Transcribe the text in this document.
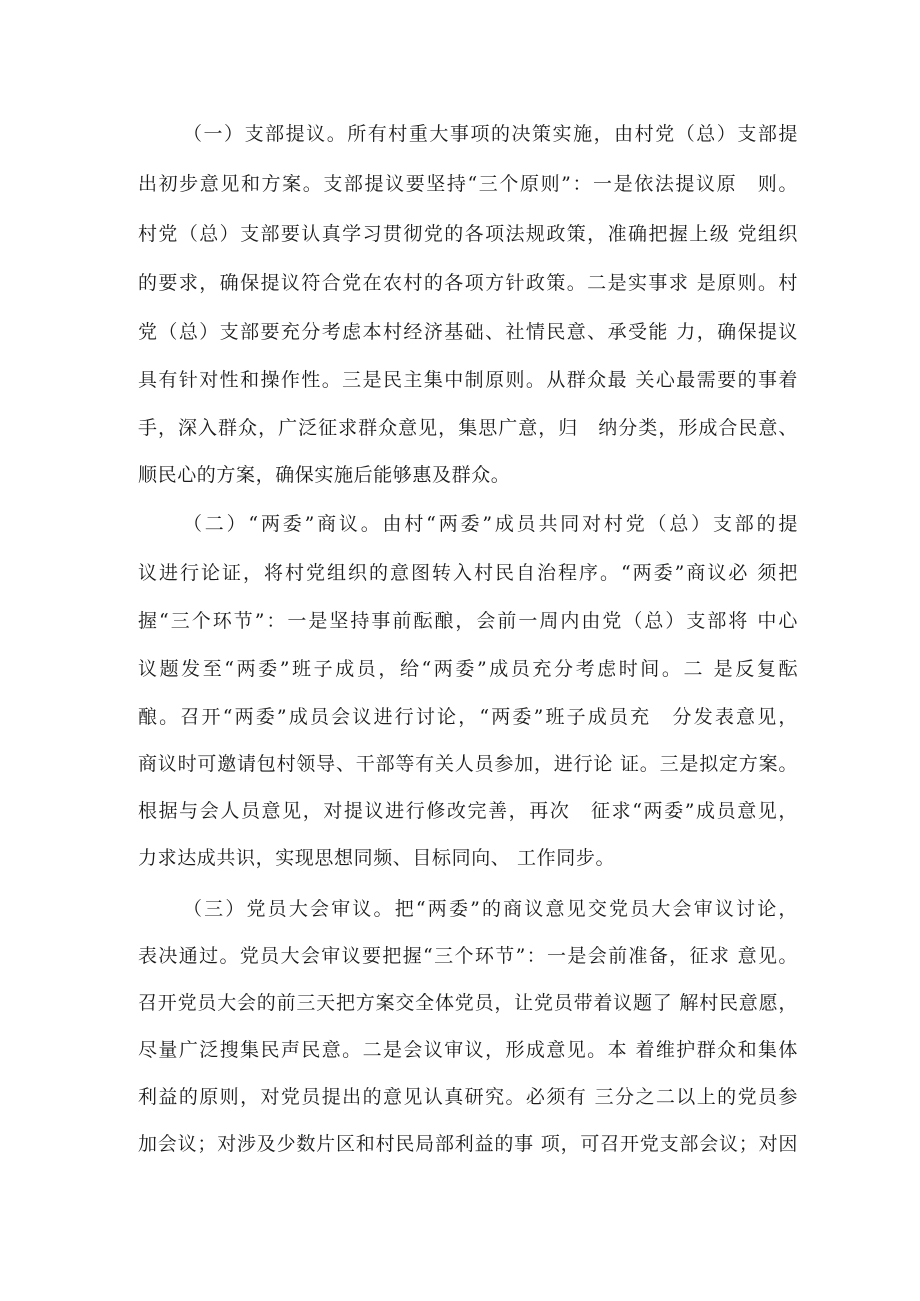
（一）支部提议。所有村重大事项的决策实施，由村党（总）支部提
出初步意见和方案。支部提议要坚持“三个原则”：一是依法提议原　则。
村党（总）支部要认真学习贯彻党的各项法规政策，准确把握上级 党组织
的要求，确保提议符合党在农村的各项方针政策。二是实事求 是原则。村
党（总）支部要充分考虑本村经济基础、社情民意、承受能 力，确保提议
具有针对性和操作性。三是民主集中制原则。从群众最 关心最需要的事着
手，深入群众，广泛征求群众意见，集思广意，归　纳分类，形成合民意、
顺民心的方案，确保实施后能够惠及群众。
（二）“两委”商议。由村“两委”成员共同对村党（总）支部的提
议进行论证，将村党组织的意图转入村民自治程序。“两委”商议必 须把
握“三个环节”：一是坚持事前酝酿，会前一周内由党（总）支部将 中心
议题发至“两委”班子成员，给“两委”成员充分考虑时间。二 是反复酝
酿。召开“两委”成员会议进行讨论，“两委”班子成员充　分发表意见，
商议时可邀请包村领导、干部等有关人员参加，进行论 证。三是拟定方案。
根据与会人员意见，对提议进行修改完善，再次　征求“两委”成员意见，
力求达成共识，实现思想同频、目标同向、 工作同步。
（三）党员大会审议。把“两委”的商议意见交党员大会审议讨论，
表决通过。党员大会审议要把握“三个环节”：一是会前准备，征求 意见。
召开党员大会的前三天把方案交全体党员，让党员带着议题了 解村民意愿，
尽量广泛搜集民声民意。二是会议审议，形成意见。本 着维护群众和集体
利益的原则，对党员提出的意见认真研究。必须有 三分之二以上的党员参
加会议；对涉及少数片区和村民局部利益的事 项，可召开党支部会议；对因
